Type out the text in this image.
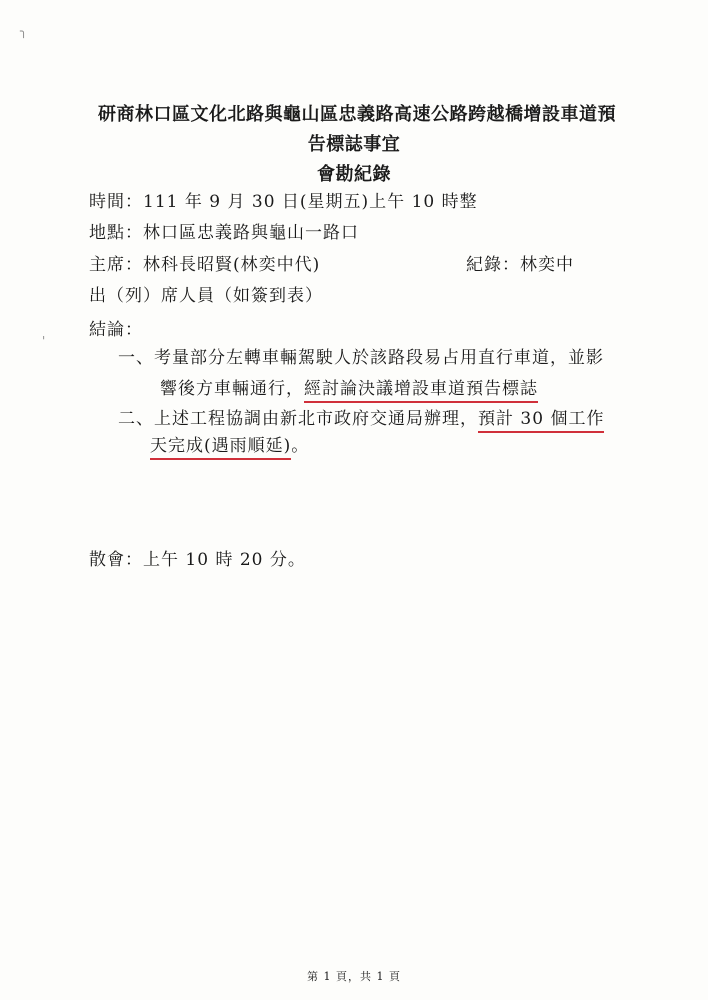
╮
'
研商林口區文化北路與龜山區忠義路高速公路跨越橋增設車道預
告標誌事宜
會勘紀錄
時間：111 年 9 月 30 日(星期五)上午 10 時整
地點：林口區忠義路與龜山一路口
主席：林科長昭賢(林奕中代)	紀錄：林奕中
出（列）席人員（如簽到表）
結論：
一、考量部分左轉車輛駕駛人於該路段易占用直行車道，並影
響後方車輛通行，經討論決議增設車道預告標誌
二、上述工程協調由新北市政府交通局辦理，預計 30 個工作
天完成(遇雨順延)。
散會：上午 10 時 20 分。
第 1 頁，共 1 頁
